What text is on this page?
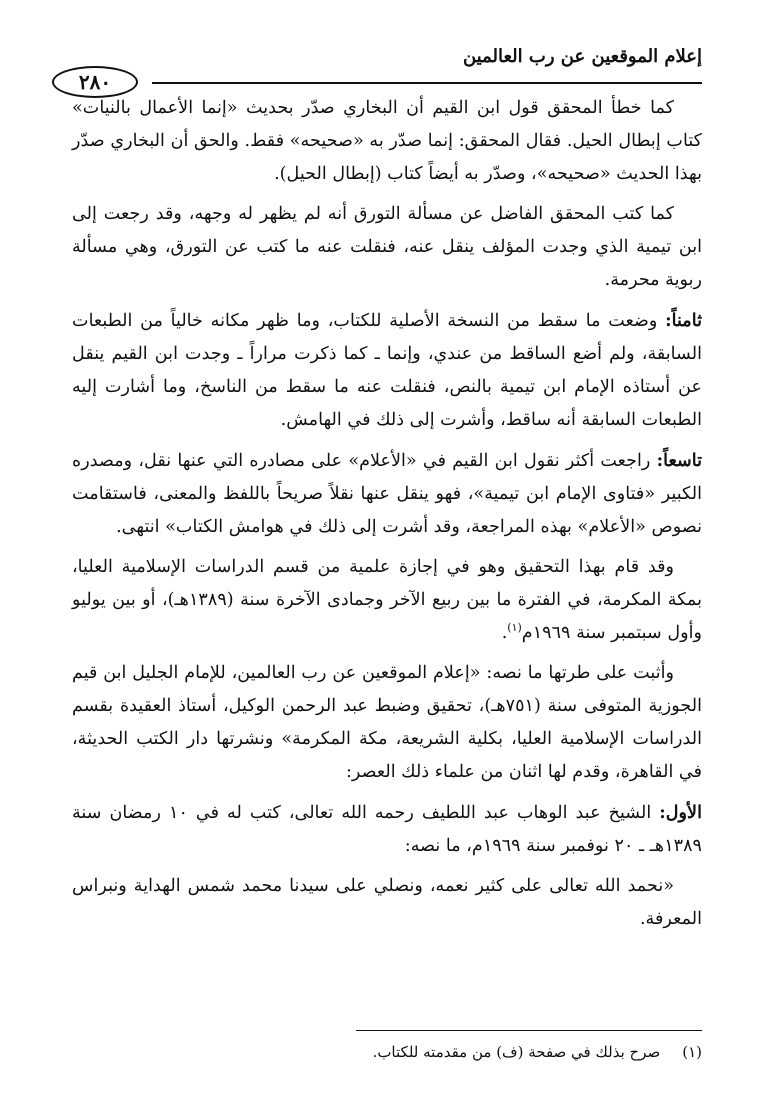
إعلام الموقعين عن رب العالمين
٢٨٠

كما خطأ المحقق قول ابن القيم أن البخاري صدّر بحديث «إنما الأعمال بالنيات» كتاب إبطال الحيل. فقال المحقق: إنما صدّر به «صحيحه» فقط. والحق أن البخاري صدّر بهذا الحديث «صحيحه»، وصدّر به أيضاً كتاب (إبطال الحيل).

كما كتب المحقق الفاضل عن مسألة التورق أنه لم يظهر له وجهه، وقد رجعت إلى ابن تيمية الذي وجدت المؤلف ينقل عنه، فنقلت عنه ما كتب عن التورق، وهي مسألة ربوية محرمة.

ثامناً: وضعت ما سقط من النسخة الأصلية للكتاب، وما ظهر مكانه خالياً من الطبعات السابقة، ولم أضع الساقط من عندي، وإنما ـ كما ذكرت مراراً ـ وجدت ابن القيم ينقل عن أستاذه الإمام ابن تيمية بالنص، فنقلت عنه ما سقط من الناسخ، وما أشارت إليه الطبعات السابقة أنه ساقط، وأشرت إلى ذلك في الهامش.

تاسعاً: راجعت أكثر نقول ابن القيم في «الأعلام» على مصادره التي عنها نقل، ومصدره الكبير «فتاوى الإمام ابن تيمية»، فهو ينقل عنها نقلاً صريحاً باللفظ والمعنى، فاستقامت نصوص «الأعلام» بهذه المراجعة، وقد أشرت إلى ذلك في هوامش الكتاب» انتهى.

وقد قام بهذا التحقيق وهو في إجازة علمية من قسم الدراسات الإسلامية العليا، بمكة المكرمة، في الفترة ما بين ربيع الآخر وجمادى الآخرة سنة (١٣٨٩هـ)، أو بين يوليو وأول سبتمبر سنة ١٩٦٩م$^{(١)}$.

وأثبت على طرتها ما نصه: «إعلام الموقعين عن رب العالمين، للإمام الجليل ابن قيم الجوزية المتوفى سنة (٧٥١هـ)، تحقيق وضبط عبد الرحمن الوكيل، أستاذ العقيدة بقسم الدراسات الإسلامية العليا، بكلية الشريعة، مكة المكرمة» ونشرتها دار الكتب الحديثة، في القاهرة، وقدم لها اثنان من علماء ذلك العصر:

الأول: الشيخ عبد الوهاب عبد اللطيف رحمه الله تعالى، كتب له في ١٠ رمضان سنة ١٣٨٩هـ ـ ٢٠ نوفمبر سنة ١٩٦٩م، ما نصه:

«نحمد الله تعالى على كثير نعمه، ونصلي على سيدنا محمد شمس الهداية ونبراس المعرفة.

(١)صرح بذلك في صفحة (ف) من مقدمته للكتاب.
